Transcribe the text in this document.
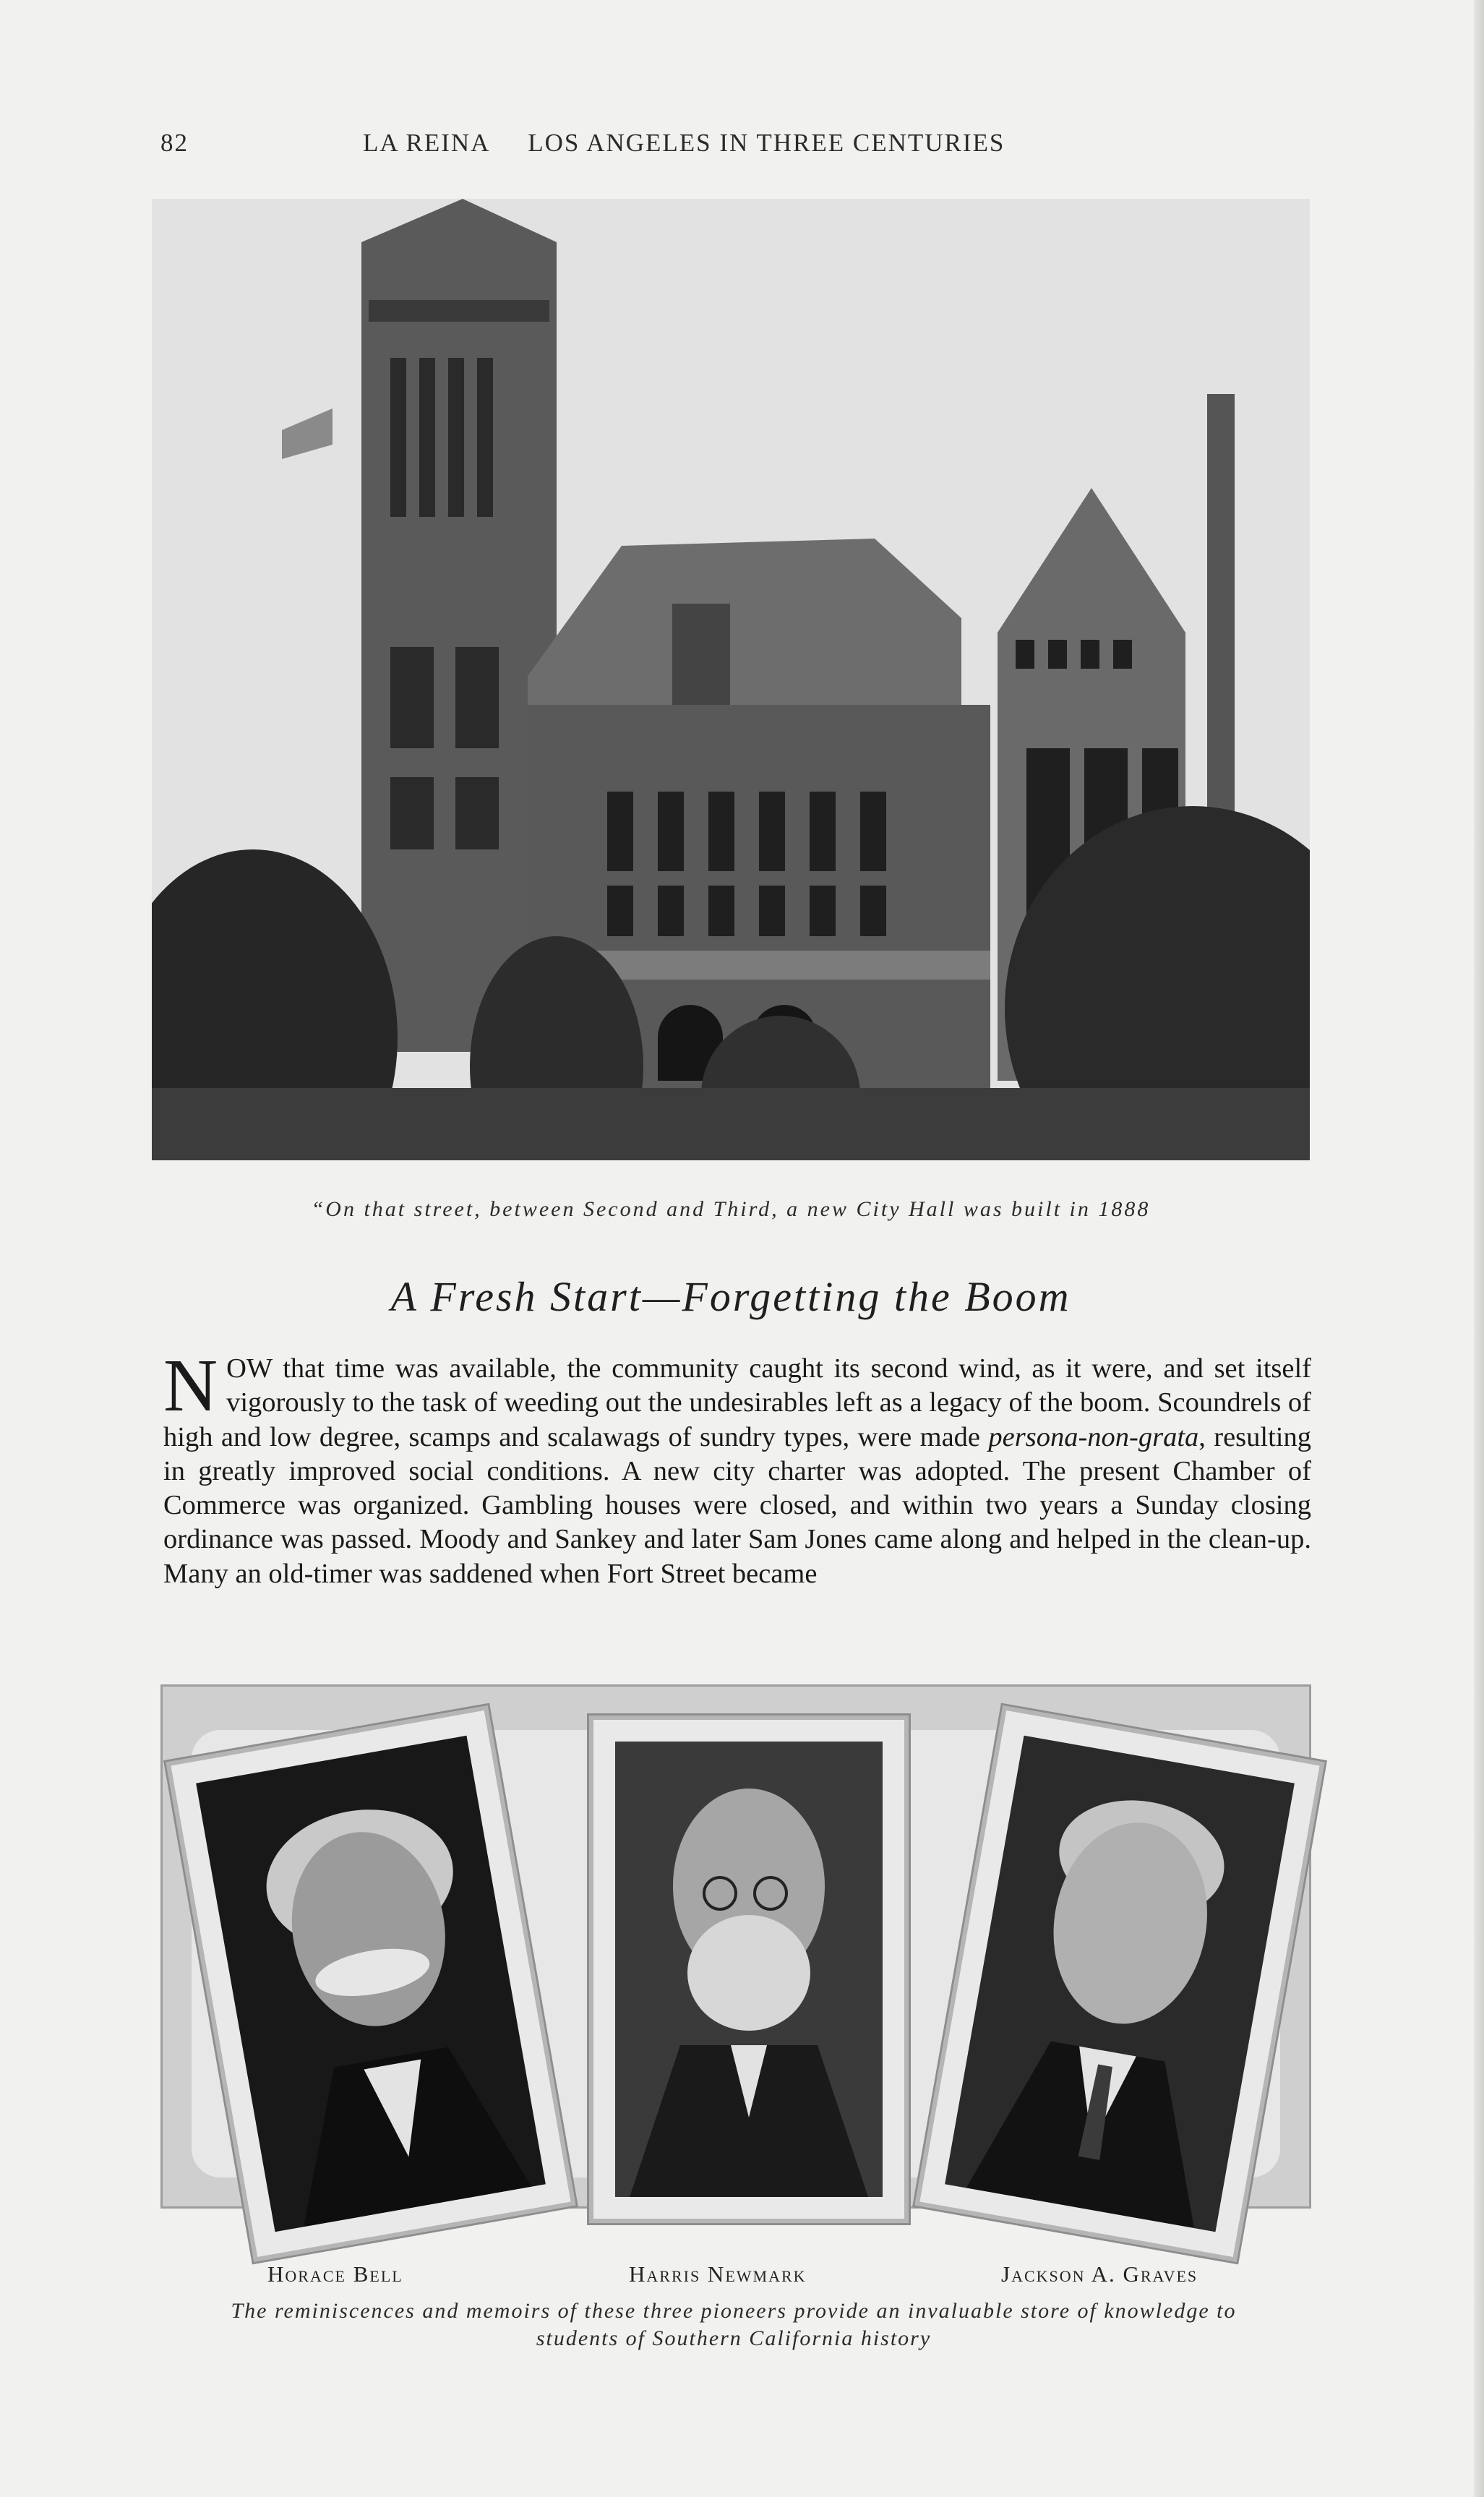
82	LA REINA     LOS ANGELES IN THREE CENTURIES
“On that street, between Second and Third, a new City Hall was built in 1888
A Fresh Start—Forgetting the Boom
NOW that time was available, the community caught its second wind, as it were, and set itself vigorously to the task of weeding out the undesirables left as a legacy of the boom. Scoundrels of high and low degree, scamps and scalawags of sundry types, were made persona-non-grata, resulting in greatly improved social conditions. A new city charter was adopted. The present Chamber of Commerce was organized. Gambling houses were closed, and within two years a Sunday closing ordinance was passed. Moody and Sankey and later Sam Jones came along and helped in the clean-up. Many an old-timer was saddened when Fort Street became
Horace Bell	Harris Newmark	Jackson A. Graves
The reminiscences and memoirs of these three pioneers provide an invaluable store of knowledge to students of Southern California history
